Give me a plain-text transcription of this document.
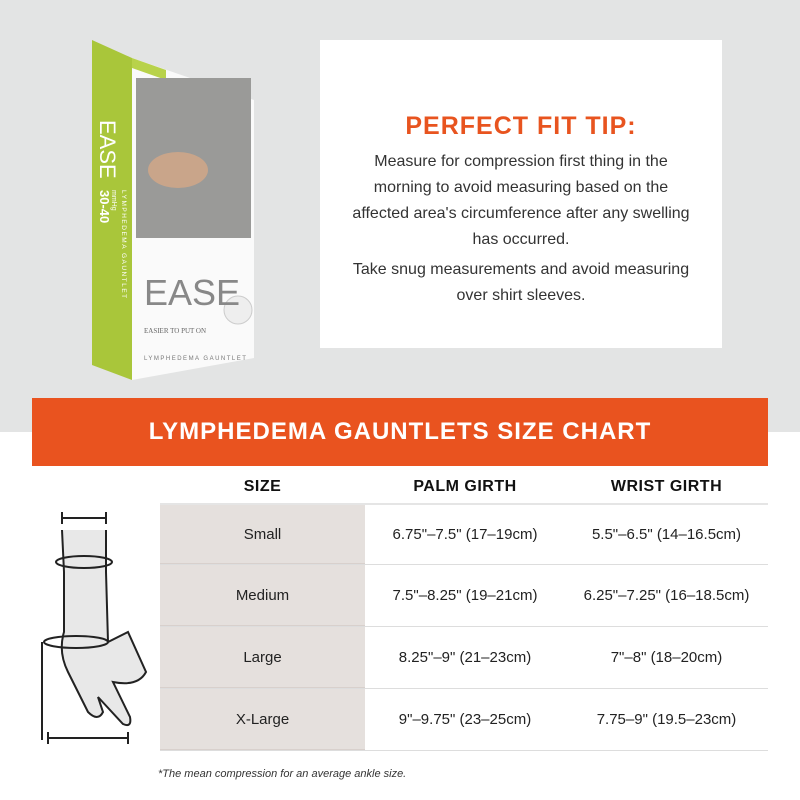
EASE
EASIER TO PUT ON
LYMPHEDEMA GAUNTLET
EASE
30-40
mmHg LYMPHEDEMA GAUNTLET
PERFECT FIT TIP:

Measure for compression first thing in the morning to avoid measuring based on the affected area's circumference after any swelling has occurred.

Take snug measurements and avoid measuring over shirt sleeves.

LYMPHEDEMA GAUNTLETS SIZE CHART
SIZE	PALM GIRTH	WRIST GIRTH
Small	6.75"–7.5" (17–19cm)	5.5"–6.5" (14–16.5cm)
Medium	7.5"–8.25" (19–21cm)	6.25"–7.25" (16–18.5cm)
Large	8.25"–9" (21–23cm)	7"–8" (18–20cm)
X-Large	9"–9.75" (23–25cm)	7.75–9" (19.5–23cm)
*The mean compression for an average ankle size.
